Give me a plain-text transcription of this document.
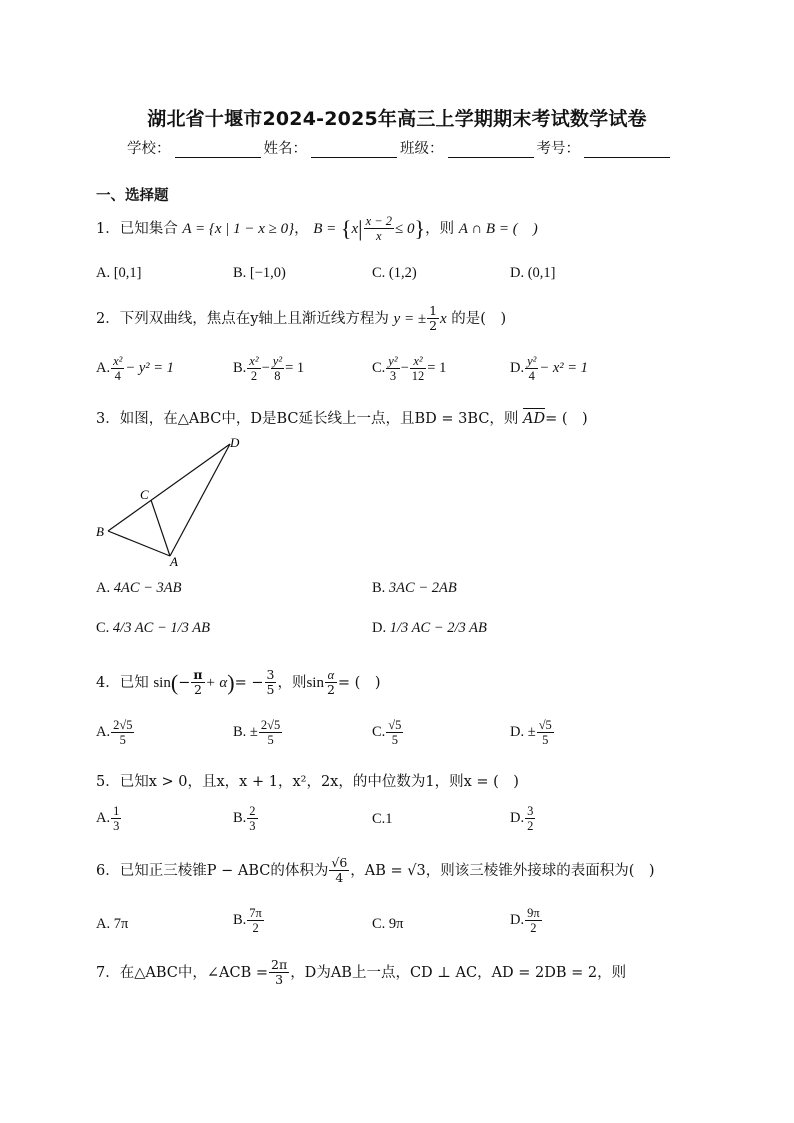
湖北省十堰市2024-2025年高三上学期期末考试数学试卷
学校：	姓名：	班级：	考号：
一、选择题
1．已知集合 A = {x | 1 − x ≥ 0}， $B = \{x| \frac{x - 2}{x} \le 0\}$，则 A ∩ B = (　)
A. [0,1]	B. [−1,0)	C. (1,2)	D. (0,1]
2．下列双曲线，焦点在y轴上且渐近线方程为 y = ± $\frac{1}{2}$ x 的是(　)
A. $\frac{\text{x²}}{4} - y^2 = 1$	B. $\frac{\text{x²}}{2} - \frac{\text{y²}}{8} = 1$	C. $\frac{\text{y²}}{3} - \frac{\text{x²}}{12} = 1$	D. $\frac{\text{y²}}{4} - x^2 = 1$
3．如图，在△ABC中，D是BC延长线上一点，且BD = 3BC，则 AD= (　)
B
C
A
D
A. 4AC − 3AB	B. 3AC − 2AB
C. 4/3 AC − 1/3 AB	D. 1/3 AC − 2/3 AB
4．已知 $\sin(- \frac{\pi}{2} + \alpha)= - \frac{3}{5}$ ，则$\sin \frac{\alpha}{2}$ = (　)
A. $\frac{2√5}{5}$	B. ± $\frac{2√5}{5}$	C. $\frac{√5}{5}$	D. ± $\frac{√5}{5}$
5．已知x > 0，且x，x + 1，x²，2x，的中位数为1，则x = (　)
A. $\frac{1}{3}$	B. $\frac{2}{3}$	C.1	D. $\frac{3}{2}$
6．已知正三棱锥P − ABC的体积为 $\frac{√6}{4}$ ，AB = √3，则该三棱锥外接球的表面积为(　)
A. 7π	B. $\frac{7\pi}{2}$	C. 9π	D. $\frac{9\pi}{2}$
7．在△ABC中，∠ACB = $\frac{2\pi}{3}$ ，D为AB上一点，CD ⊥ AC，AD = 2DB = 2，则
